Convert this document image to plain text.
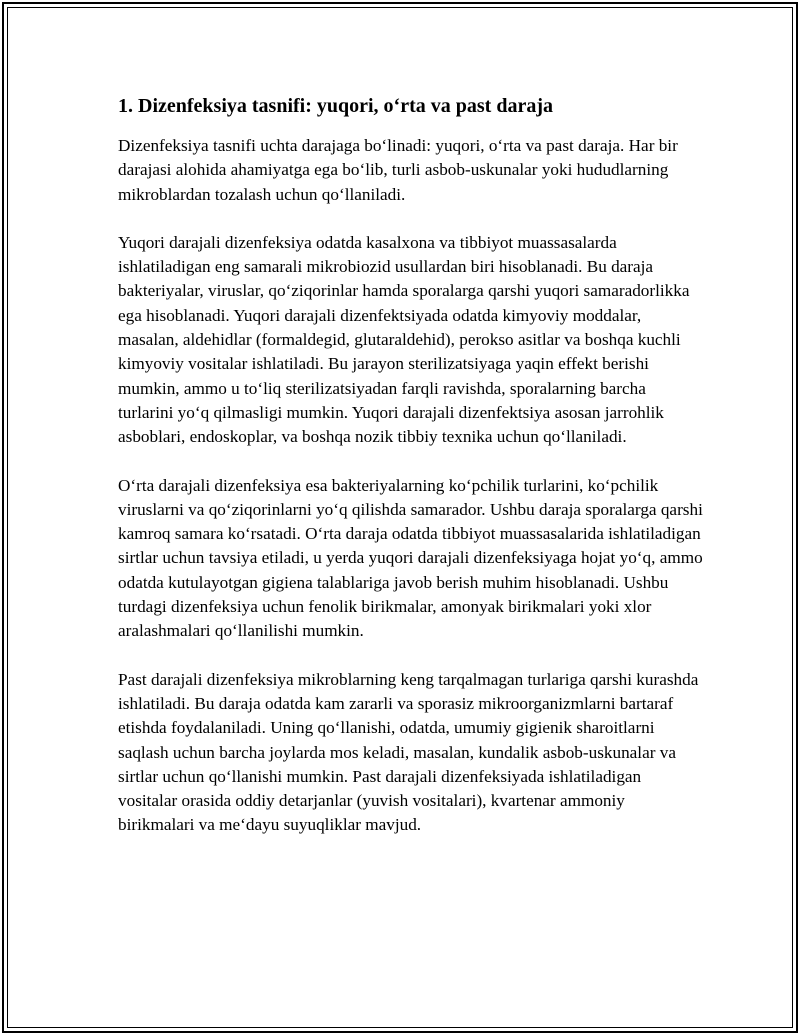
1. Dizenfeksiya tasnifi: yuqori, o‘rta va past daraja

Dizenfeksiya tasnifi uchta darajaga bo‘linadi: yuqori, o‘rta va past daraja. Har bir darajasi alohida ahamiyatga ega bo‘lib, turli asbob-uskunalar yoki hududlarning mikroblardan tozalash uchun qo‘llaniladi.

Yuqori darajali dizenfeksiya odatda kasalxona va tibbiyot muassasalarda ishlatiladigan eng samarali mikrobiozid usullardan biri hisoblanadi. Bu daraja bakteriyalar, viruslar, qo‘ziqorinlar hamda sporalarga qarshi yuqori samaradorlikka ega hisoblanadi. Yuqori darajali dizenfektsiyada odatda kimyoviy moddalar, masalan, aldehidlar (formaldegid, glutaraldehid), perokso asitlar va boshqa kuchli kimyoviy vositalar ishlatiladi. Bu jarayon sterilizatsiyaga yaqin effekt berishi mumkin, ammo u to‘liq sterilizatsiyadan farqli ravishda, sporalarning barcha turlarini yo‘q qilmasligi mumkin. Yuqori darajali dizenfektsiya asosan jarrohlik asboblari, endoskoplar, va boshqa nozik tibbiy texnika uchun qo‘llaniladi.

O‘rta darajali dizenfeksiya esa bakteriyalarning ko‘pchilik turlarini, ko‘pchilik viruslarni va qo‘ziqorinlarni yo‘q qilishda samarador. Ushbu daraja sporalarga qarshi kamroq samara ko‘rsatadi. O‘rta daraja odatda tibbiyot muassasalarida ishlatiladigan sirtlar uchun tavsiya etiladi, u yerda yuqori darajali dizenfeksiyaga hojat yo‘q, ammo odatda kutulayotgan gigiena talablariga javob berish muhim hisoblanadi. Ushbu turdagi dizenfeksiya uchun fenolik birikmalar, amonyak birikmalari yoki xlor aralashmalari qo‘llanilishi mumkin.

Past darajali dizenfeksiya mikroblarning keng tarqalmagan turlariga qarshi kurashda ishlatiladi. Bu daraja odatda kam zararli va sporasiz mikroorganizmlarni bartaraf etishda foydalaniladi. Uning qo‘llanishi, odatda, umumiy gigienik sharoitlarni saqlash uchun barcha joylarda mos keladi, masalan, kundalik asbob-uskunalar va sirtlar uchun qo‘llanishi mumkin. Past darajali dizenfeksiyada ishlatiladigan vositalar orasida oddiy detarjanlar (yuvish vositalari), kvartenar ammoniy birikmalari va me‘dayu suyuqliklar mavjud.
